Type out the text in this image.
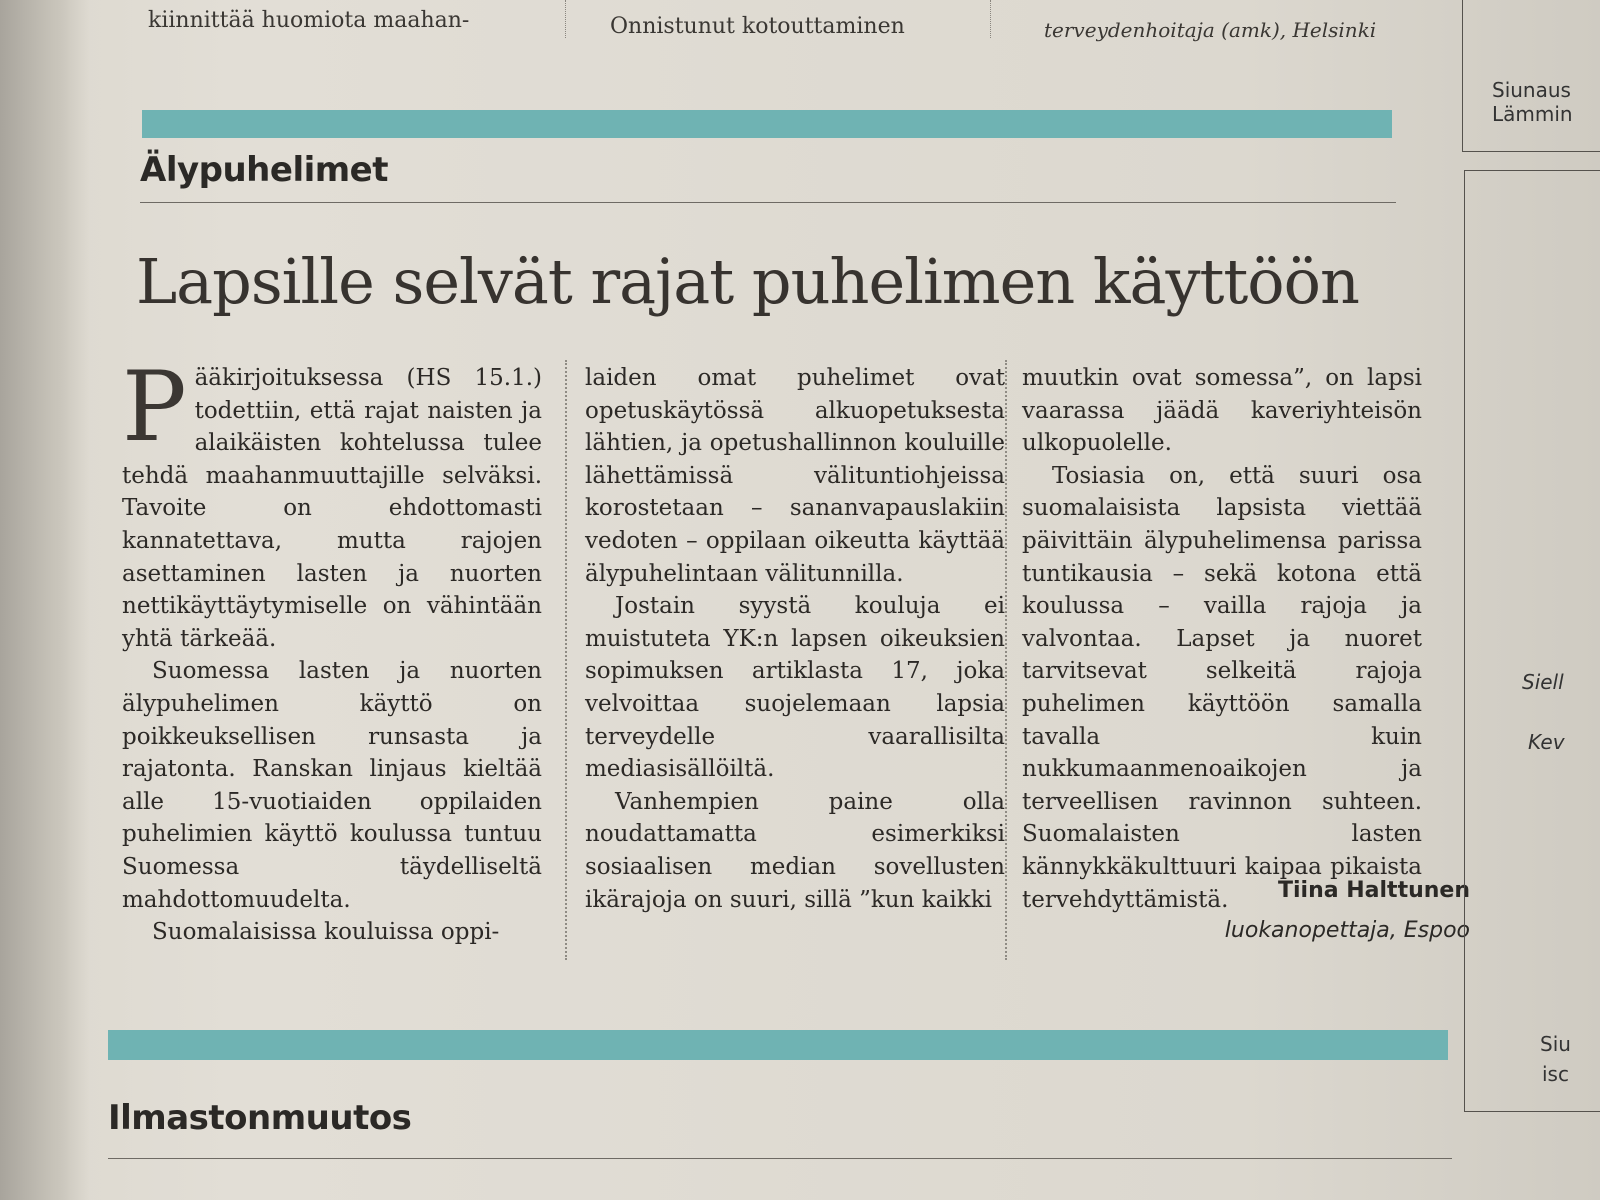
kiinnittää huomiota maahan-	Onnistunut kotouttaminen	terveydenhoitaja (amk), Helsinki
Älypuhelimet
Lapsille selvät rajat puhelimen käyttöön

Pääkirjoituksessa (HS 15.1.) todettiin, että rajat naisten ja alaikäisten kohtelussa tulee tehdä maahanmuuttajille selväksi. Tavoite on ehdottomasti kannatettava, mutta rajojen asettaminen lasten ja nuorten nettikäyttäytymiselle on vähintään yhtä tärkeää.

Suomessa lasten ja nuorten älypuhelimen käyttö on poikkeuksellisen runsasta ja rajatonta. Ranskan linjaus kieltää alle 15-vuotiaiden oppilaiden puhelimien käyttö koulussa tuntuu Suomessa täydelliseltä mahdottomuudelta.

Suomalaisissa kouluissa oppi-

laiden omat puhelimet ovat opetuskäytössä alkuopetuksesta lähtien, ja opetushallinnon kouluille lähettämissä välituntiohjeissa korostetaan – sananvapauslakiin vedoten – oppilaan oikeutta käyttää älypuhelintaan välitunnilla.

Jostain syystä kouluja ei muistuteta YK:n lapsen oikeuksien sopimuksen artiklasta 17, joka velvoittaa suojelemaan lapsia terveydelle vaarallisilta mediasisällöiltä.

Vanhempien paine olla noudattamatta esimerkiksi sosiaalisen median sovellusten ikärajoja on suuri, sillä ”kun kaikki

muutkin ovat somessa”, on lapsi vaarassa jäädä kaveriyhteisön ulkopuolelle.

Tosiasia on, että suuri osa suomalaisista lapsista viettää päivittäin älypuhelimensa parissa tuntikausia – sekä kotona että koulussa – vailla rajoja ja valvontaa. Lapset ja nuoret tarvitsevat selkeitä rajoja puhelimen käyttöön samalla tavalla kuin nukkumaanmenoaikojen ja terveellisen ravinnon suhteen. Suomalaisten lasten kännykkäkulttuuri kaipaa pikaista tervehdyttämistä.	Tiina Halttunen
luokanopettaja, Espoo
Ilmastonmuutos
Siunaus
Lämmin
Siell
Kev
Siu
isc
